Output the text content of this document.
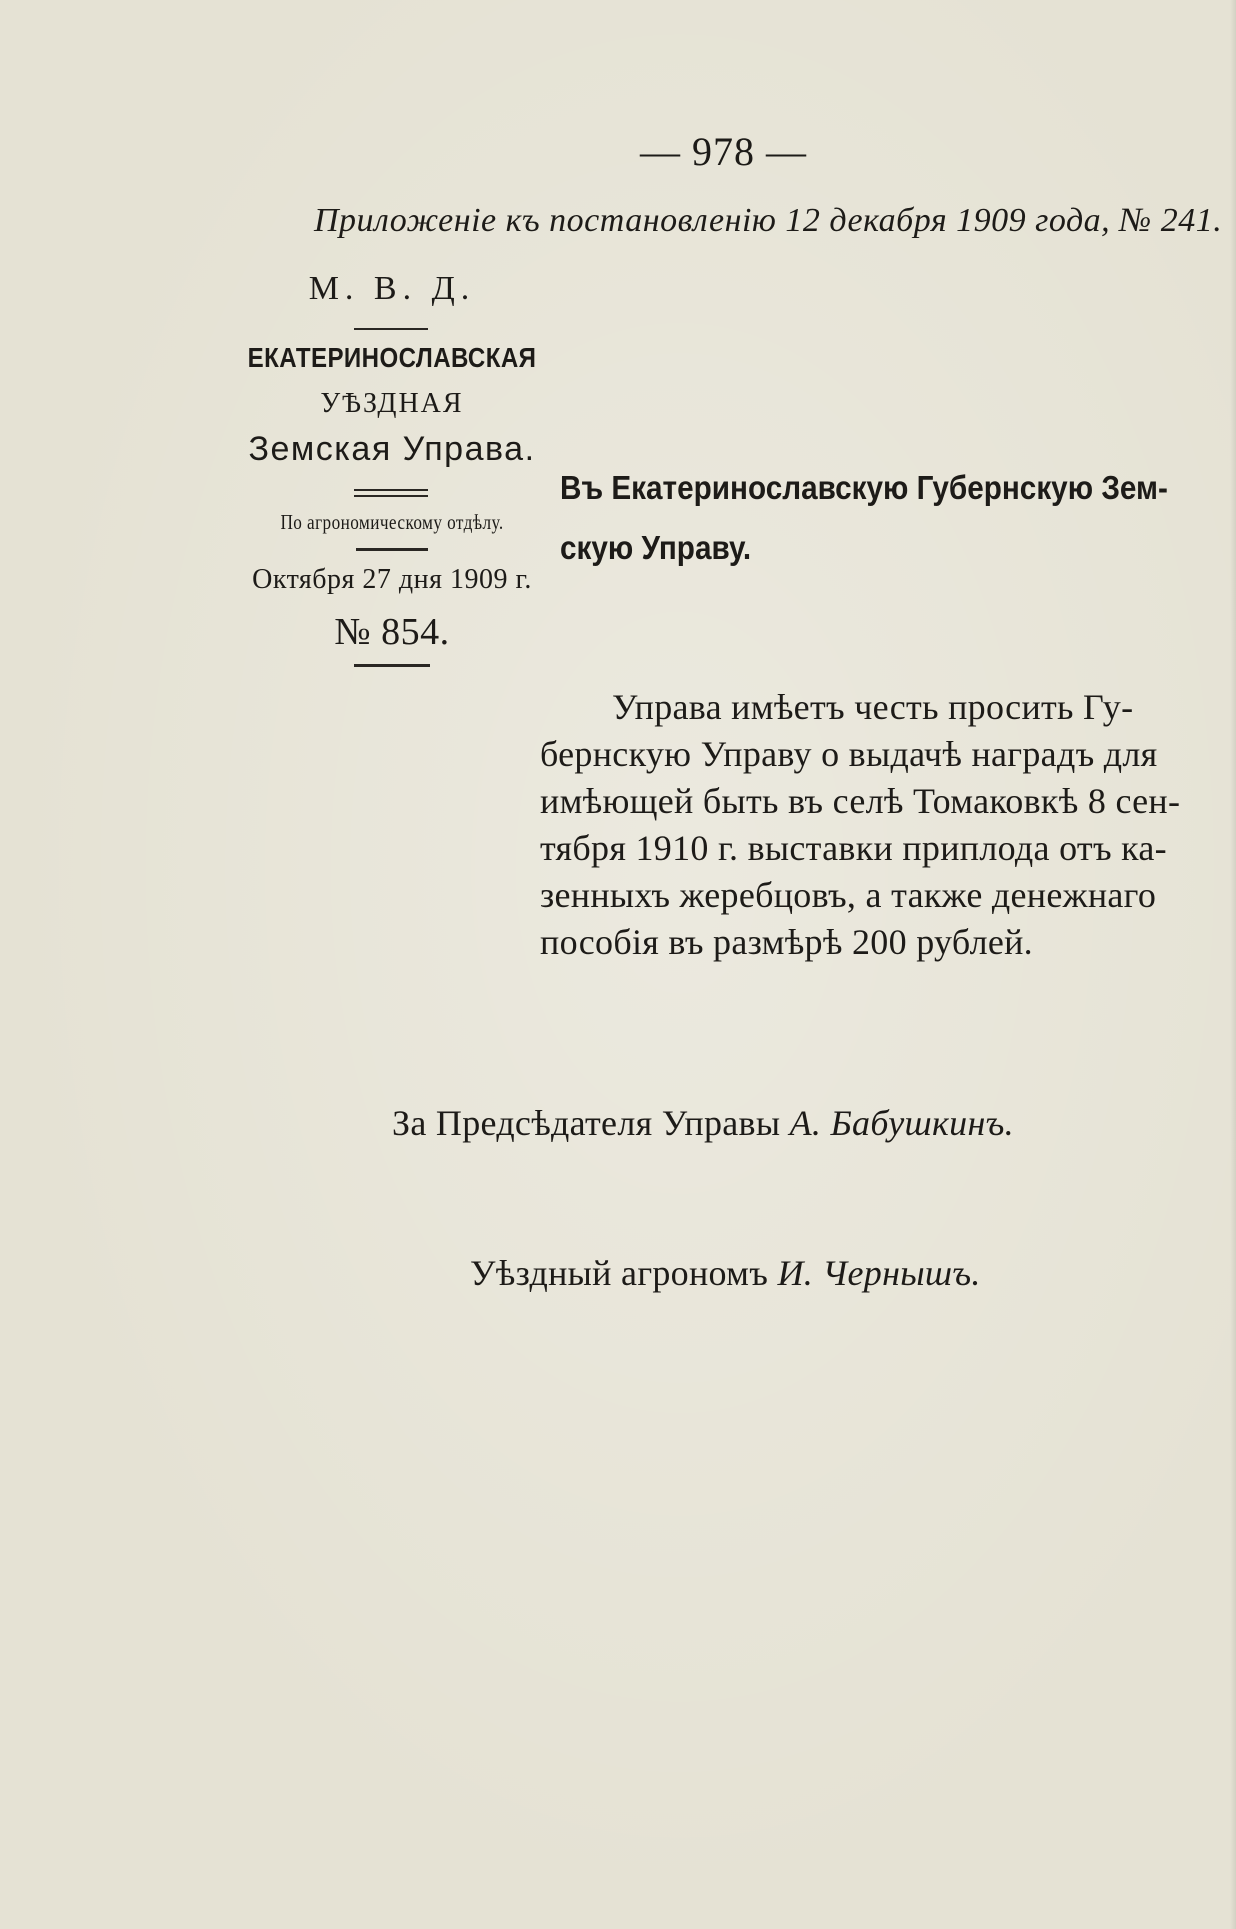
— 978 —
Приложеніе къ постановленію 12 декабря 1909 года, № 241.
М. В. Д.
ЕКАТЕРИНОСЛАВСКАЯ
УѢЗДНАЯ
Земская Управа.
По агрономическому отдѣлу.
Октября 27 дня 1909 г.
№ 854.
Въ Екатеринославскую Губернскую Зем-
скую Управу.
Управа имѣетъ честь просить Гу-
бернскую Управу о выдачѣ наградъ для
имѣющей быть въ селѣ Томаковкѣ 8 сен-
тября 1910 г. выставки приплода отъ ка-
зенныхъ жеребцовъ, а также денежнаго
пособія въ размѣрѣ 200 рублей.
За Предсѣдателя Управы А. Бабушкинъ.
Уѣздный агрономъ И. Чернышъ.
